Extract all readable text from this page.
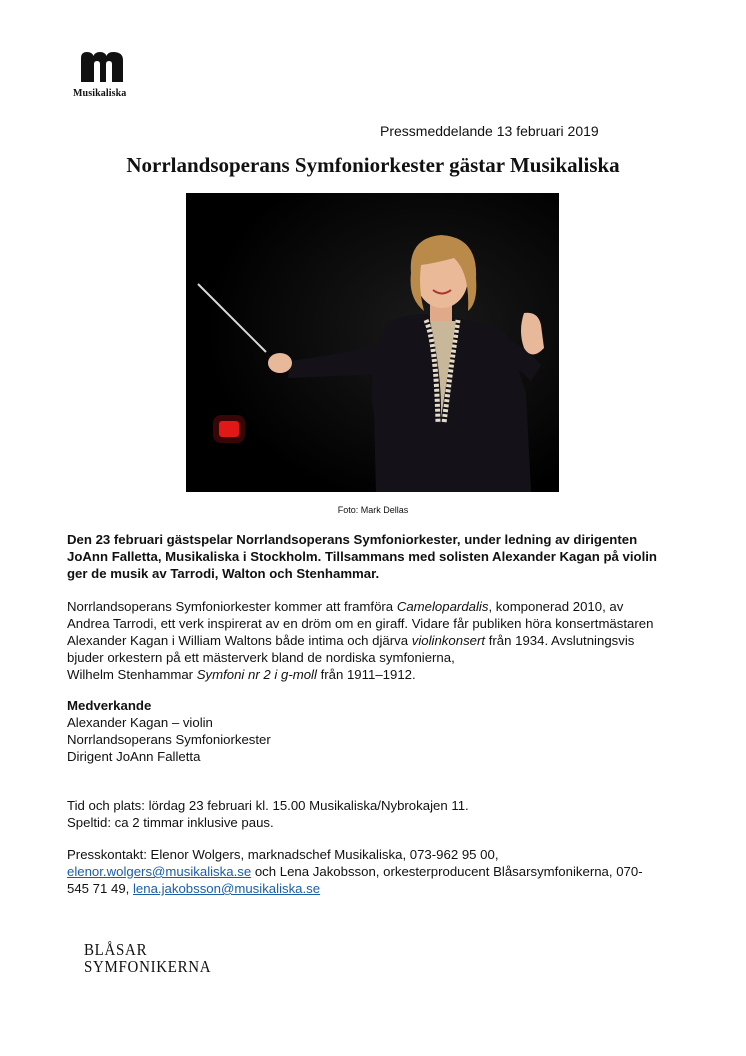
Musikaliska
Pressmeddelande 13 februari 2019
Norrlandsoperans Symfoniorkester gästar Musikaliska
Foto: Mark Dellas
Den 23 februari gästspelar Norrlandsoperans Symfoniorkester, under ledning av dirigenten JoAnn Falletta, Musikaliska i Stockholm. Tillsammans med solisten Alexander Kagan på violin ger de musik av Tarrodi, Walton och Stenhammar.
Norrlandsoperans Symfoniorkester kommer att framföra Camelopardalis, komponerad 2010, av Andrea Tarrodi, ett verk inspirerat av en dröm om en giraff. Vidare får publiken höra konsertmästaren Alexander Kagan i William Waltons både intima och djärva violinkonsert från 1934. Avslutningsvis bjuder orkestern på ett mästerverk bland de nordiska symfonierna,
Wilhelm Stenhammar Symfoni nr 2 i g-moll från 1911–1912.
Medverkande
Alexander Kagan – violin
Norrlandsoperans Symfoniorkester
Dirigent JoAnn Falletta
Tid och plats: lördag 23 februari kl. 15.00 Musikaliska/Nybrokajen 11.
Speltid: ca 2 timmar inklusive paus.
Presskontakt: Elenor Wolgers, marknadschef Musikaliska, 073-962 95 00,
elenor.wolgers@musikaliska.se och Lena Jakobsson, orkesterproducent Blåsarsymfonikerna, 070-
545 71 49, lena.jakobsson@musikaliska.se
BLÅSAR
SYMFONIKERNA
